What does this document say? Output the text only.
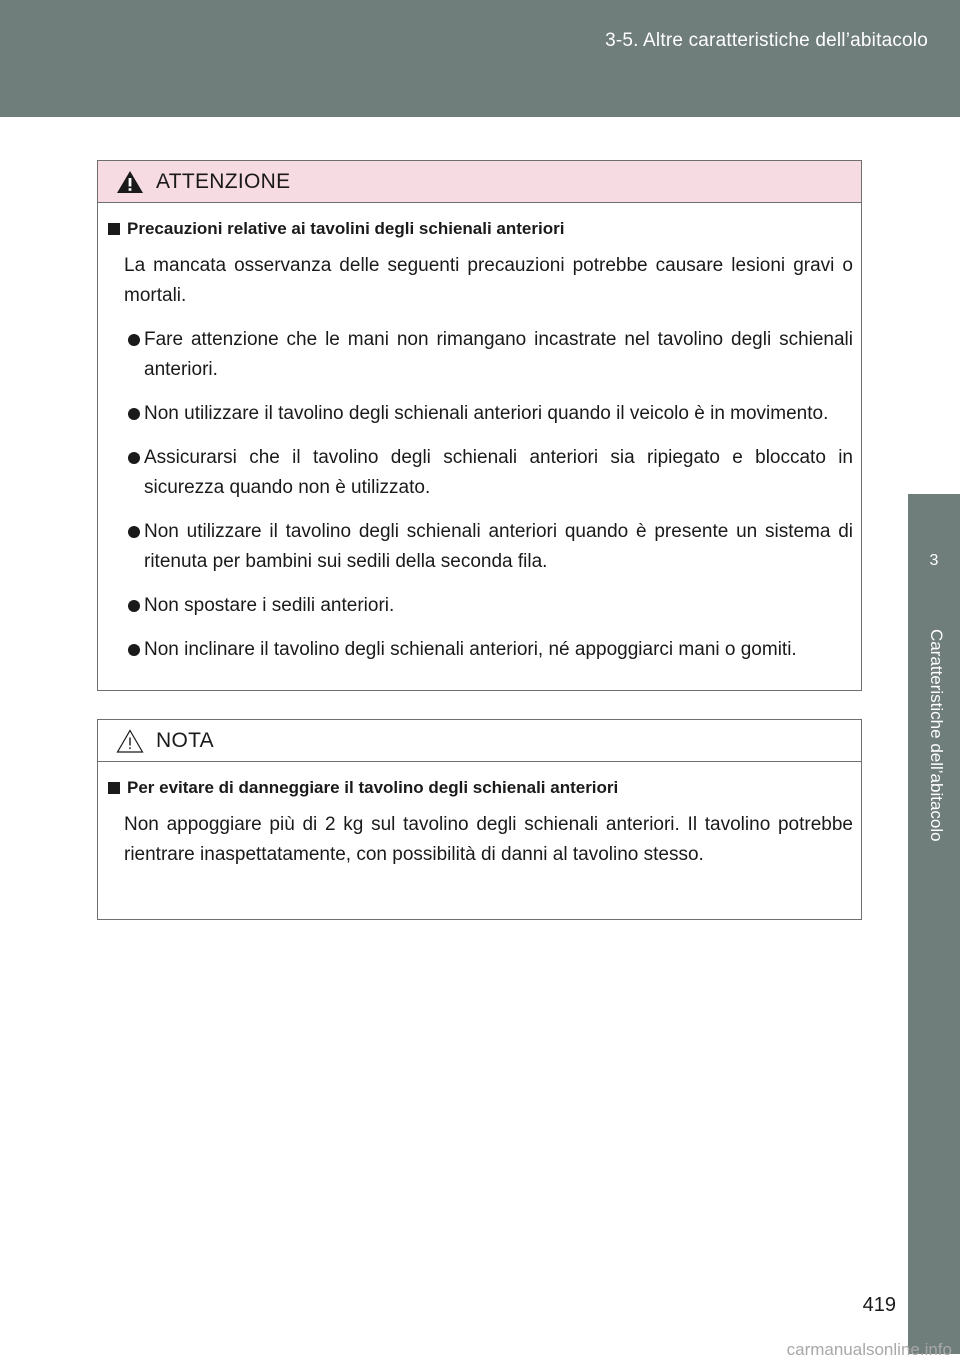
3-5. Altre caratteristiche dell’abitacolo
3
Caratteristiche dell’abitacolo
ATTENZIONE
Precauzioni relative ai tavolini degli schienali anteriori

La mancata osservanza delle seguenti precauzioni potrebbe causare lesioni gravi o mortali.

Fare attenzione che le mani non rimangano incastrate nel tavolino degli schienali anteriori.
Non utilizzare il tavolino degli schienali anteriori quando il veicolo è in movimento.
Assicurarsi che il tavolino degli schienali anteriori sia ripiegato e bloccato in sicurezza quando non è utilizzato.
Non utilizzare il tavolino degli schienali anteriori quando è presente un sistema di ritenuta per bambini sui sedili della seconda fila.
Non spostare i sedili anteriori.
Non inclinare il tavolino degli schienali anteriori, né appoggiarci mani o gomiti.
NOTA
Per evitare di danneggiare il tavolino degli schienali anteriori

Non appoggiare più di 2 kg sul tavolino degli schienali anteriori. Il tavolino potrebbe rientrare inaspettatamente, con possibilità di danni al tavolino stesso.

419
carmanualsonline.info
